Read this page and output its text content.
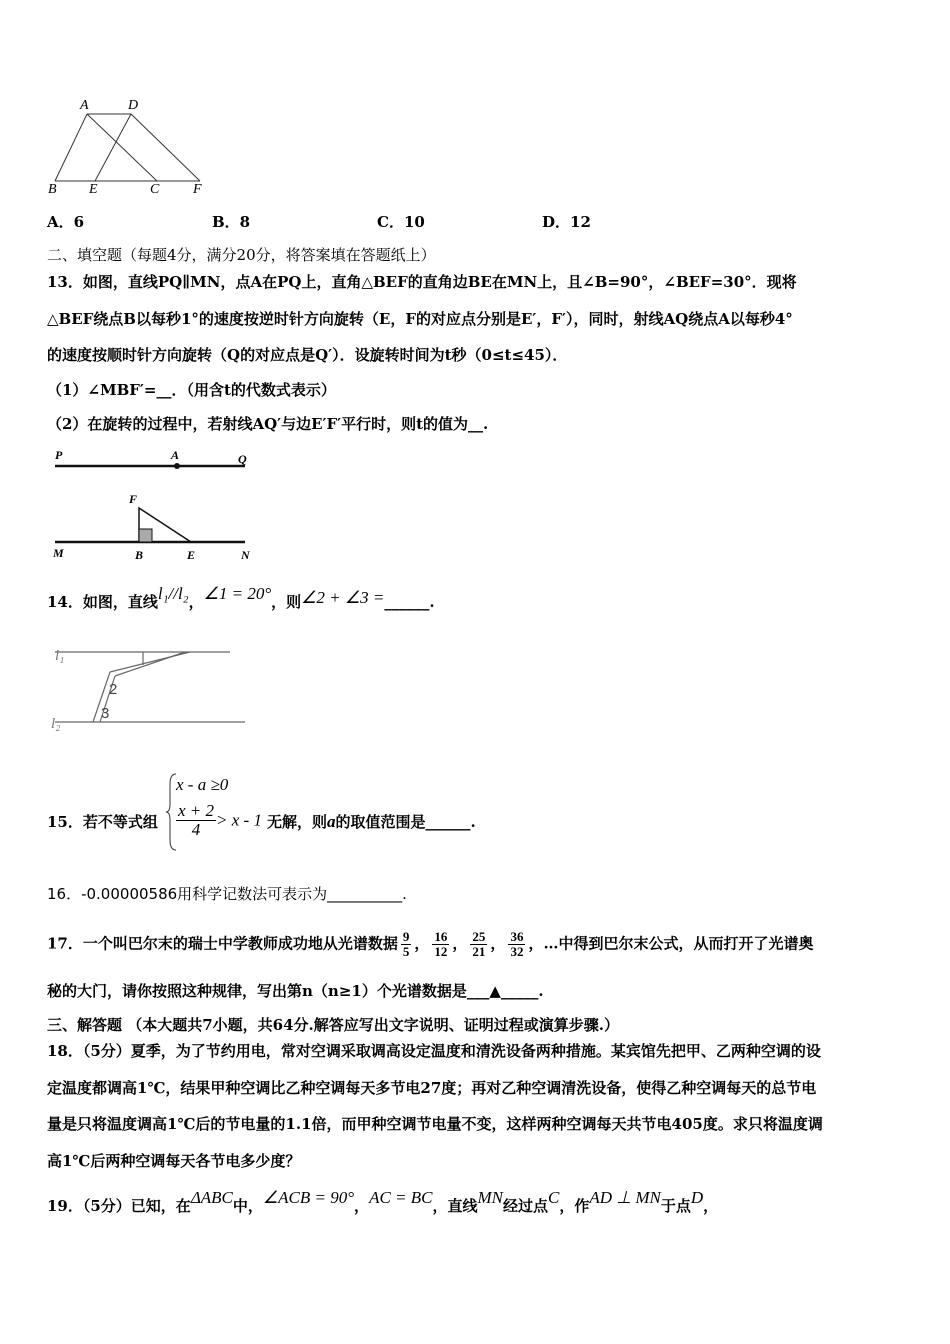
A	D
B E	C F
A．6	B．8	C．10	D．12
二、填空题（每题4分，满分20分，将答案填在答题纸上）
13．如图，直线PQ∥MN，点A在PQ上，直角△BEF的直角边BE在MN上，且∠B=90°，∠BEF=30°．现将
△BEF绕点B以每秒1°的速度按逆时针方向旋转（E，F的对应点分别是E′，F′），同时，射线AQ绕点A以每秒4°
的速度按顺时针方向旋转（Q的对应点是Q′）．设旋转时间为t秒（0≤t≤45）．
（1）∠MBF′=__．（用含t的代数式表示）
（2）在旋转的过程中，若射线AQ′与边E′F′平行时，则t的值为__.
P	A	Q
F
M	B	E	N
14．如图，直线l₁//l₂，∠1 = 20°，则∠2 + ∠3 =______.
l₁
l₂
2
3
15．若不等式组
x - a ≥0
$\frac{x + 2}{4} > x - 1$ 无解，则a的取值范围是______.
16．-0.00000586用科学记数法可表示为__________.
17．一个叫巴尔末的瑞士中学教师成功地从光谱数据 $\frac{9}{5}$ ， $\frac{16}{12}$ ， $\frac{25}{21}$ ， $\frac{36}{32}$ ，…中得到巴尔末公式，从而打开了光谱奥
秘的大门，请你按照这种规律，写出第n（n≥1）个光谱数据是___▲_____.
三、解答题 （本大题共7小题，共64分.解答应写出文字说明、证明过程或演算步骤.）
18．（5分）夏季，为了节约用电，常对空调采取调高设定温度和清洗设备两种措施。某宾馆先把甲、乙两种空调的设
定温度都调高1℃，结果甲种空调比乙种空调每天多节电27度；再对乙种空调清洗设备，使得乙种空调每天的总节电
量是只将温度调高1℃后的节电量的1.1倍，而甲种空调节电量不变，这样两种空调每天共节电405度。求只将温度调
高1℃后两种空调每天各节电多少度？
19．（5分）已知，在ΔABC中，∠ACB = 90°，AC = BC，直线MN经过点C，作AD ⊥ MN于点D，
